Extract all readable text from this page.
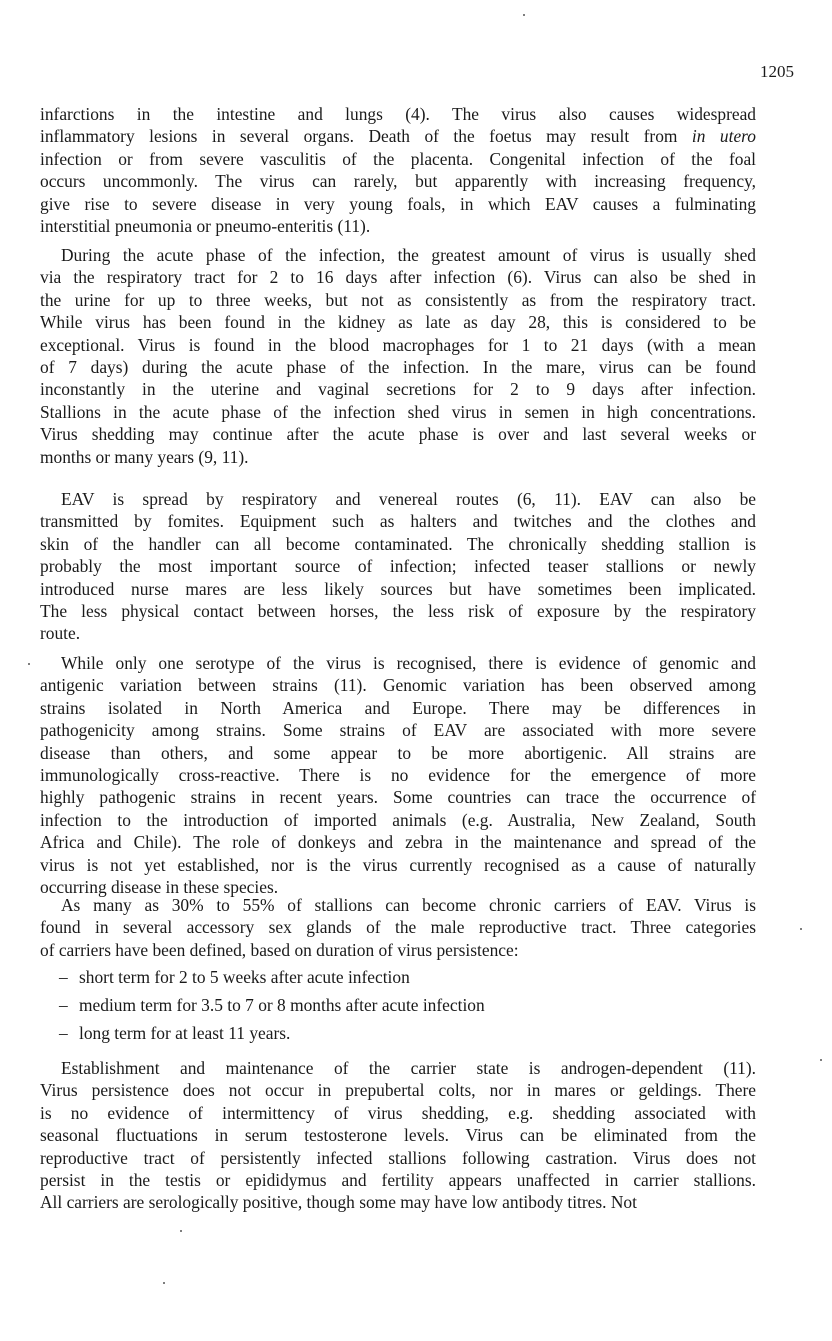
1205

infarctions in the intestine and lungs (4). The virus also causes widespread
inflammatory lesions in several organs. Death of the foetus may result from in utero
infection or from severe vasculitis of the placenta. Congenital infection of the foal
occurs uncommonly. The virus can rarely, but apparently with increasing frequency,
give rise to severe disease in very young foals, in which EAV causes a fulminating
interstitial pneumonia or pneumo-enteritis (11).

During the acute phase of the infection, the greatest amount of virus is usually shed
via the respiratory tract for 2 to 16 days after infection (6). Virus can also be shed in
the urine for up to three weeks, but not as consistently as from the respiratory tract.
While virus has been found in the kidney as late as day 28, this is considered to be
exceptional. Virus is found in the blood macrophages for 1 to 21 days (with a mean
of 7 days) during the acute phase of the infection. In the mare, virus can be found
inconstantly in the uterine and vaginal secretions for 2 to 9 days after infection.
Stallions in the acute phase of the infection shed virus in semen in high concentrations.
Virus shedding may continue after the acute phase is over and last several weeks or
months or many years (9, 11).

EAV is spread by respiratory and venereal routes (6, 11). EAV can also be
transmitted by fomites. Equipment such as halters and twitches and the clothes and
skin of the handler can all become contaminated. The chronically shedding stallion is
probably the most important source of infection; infected teaser stallions or newly
introduced nurse mares are less likely sources but have sometimes been implicated.
The less physical contact between horses, the less risk of exposure by the respiratory
route.

While only one serotype of the virus is recognised, there is evidence of genomic and
antigenic variation between strains (11). Genomic variation has been observed among
strains isolated in North America and Europe. There may be differences in
pathogenicity among strains. Some strains of EAV are associated with more severe
disease than others, and some appear to be more abortigenic. All strains are
immunologically cross-reactive. There is no evidence for the emergence of more
highly pathogenic strains in recent years. Some countries can trace the occurrence of
infection to the introduction of imported animals (e.g. Australia, New Zealand, South
Africa and Chile). The role of donkeys and zebra in the maintenance and spread of the
virus is not yet established, nor is the virus currently recognised as a cause of naturally
occurring disease in these species.

As many as 30% to 55% of stallions can become chronic carriers of EAV. Virus is
found in several accessory sex glands of the male reproductive tract. Three categories
of carriers have been defined, based on duration of virus persistence:

– short term for 2 to 5 weeks after acute infection
– medium term for 3.5 to 7 or 8 months after acute infection
– long term for at least 11 years.

Establishment and maintenance of the carrier state is androgen-dependent (11).
Virus persistence does not occur in prepubertal colts, nor in mares or geldings. There
is no evidence of intermittency of virus shedding, e.g. shedding associated with
seasonal fluctuations in serum testosterone levels. Virus can be eliminated from the
reproductive tract of persistently infected stallions following castration. Virus does not
persist in the testis or epididymus and fertility appears unaffected in carrier stallions.
All carriers are serologically positive, though some may have low antibody titres. Not
